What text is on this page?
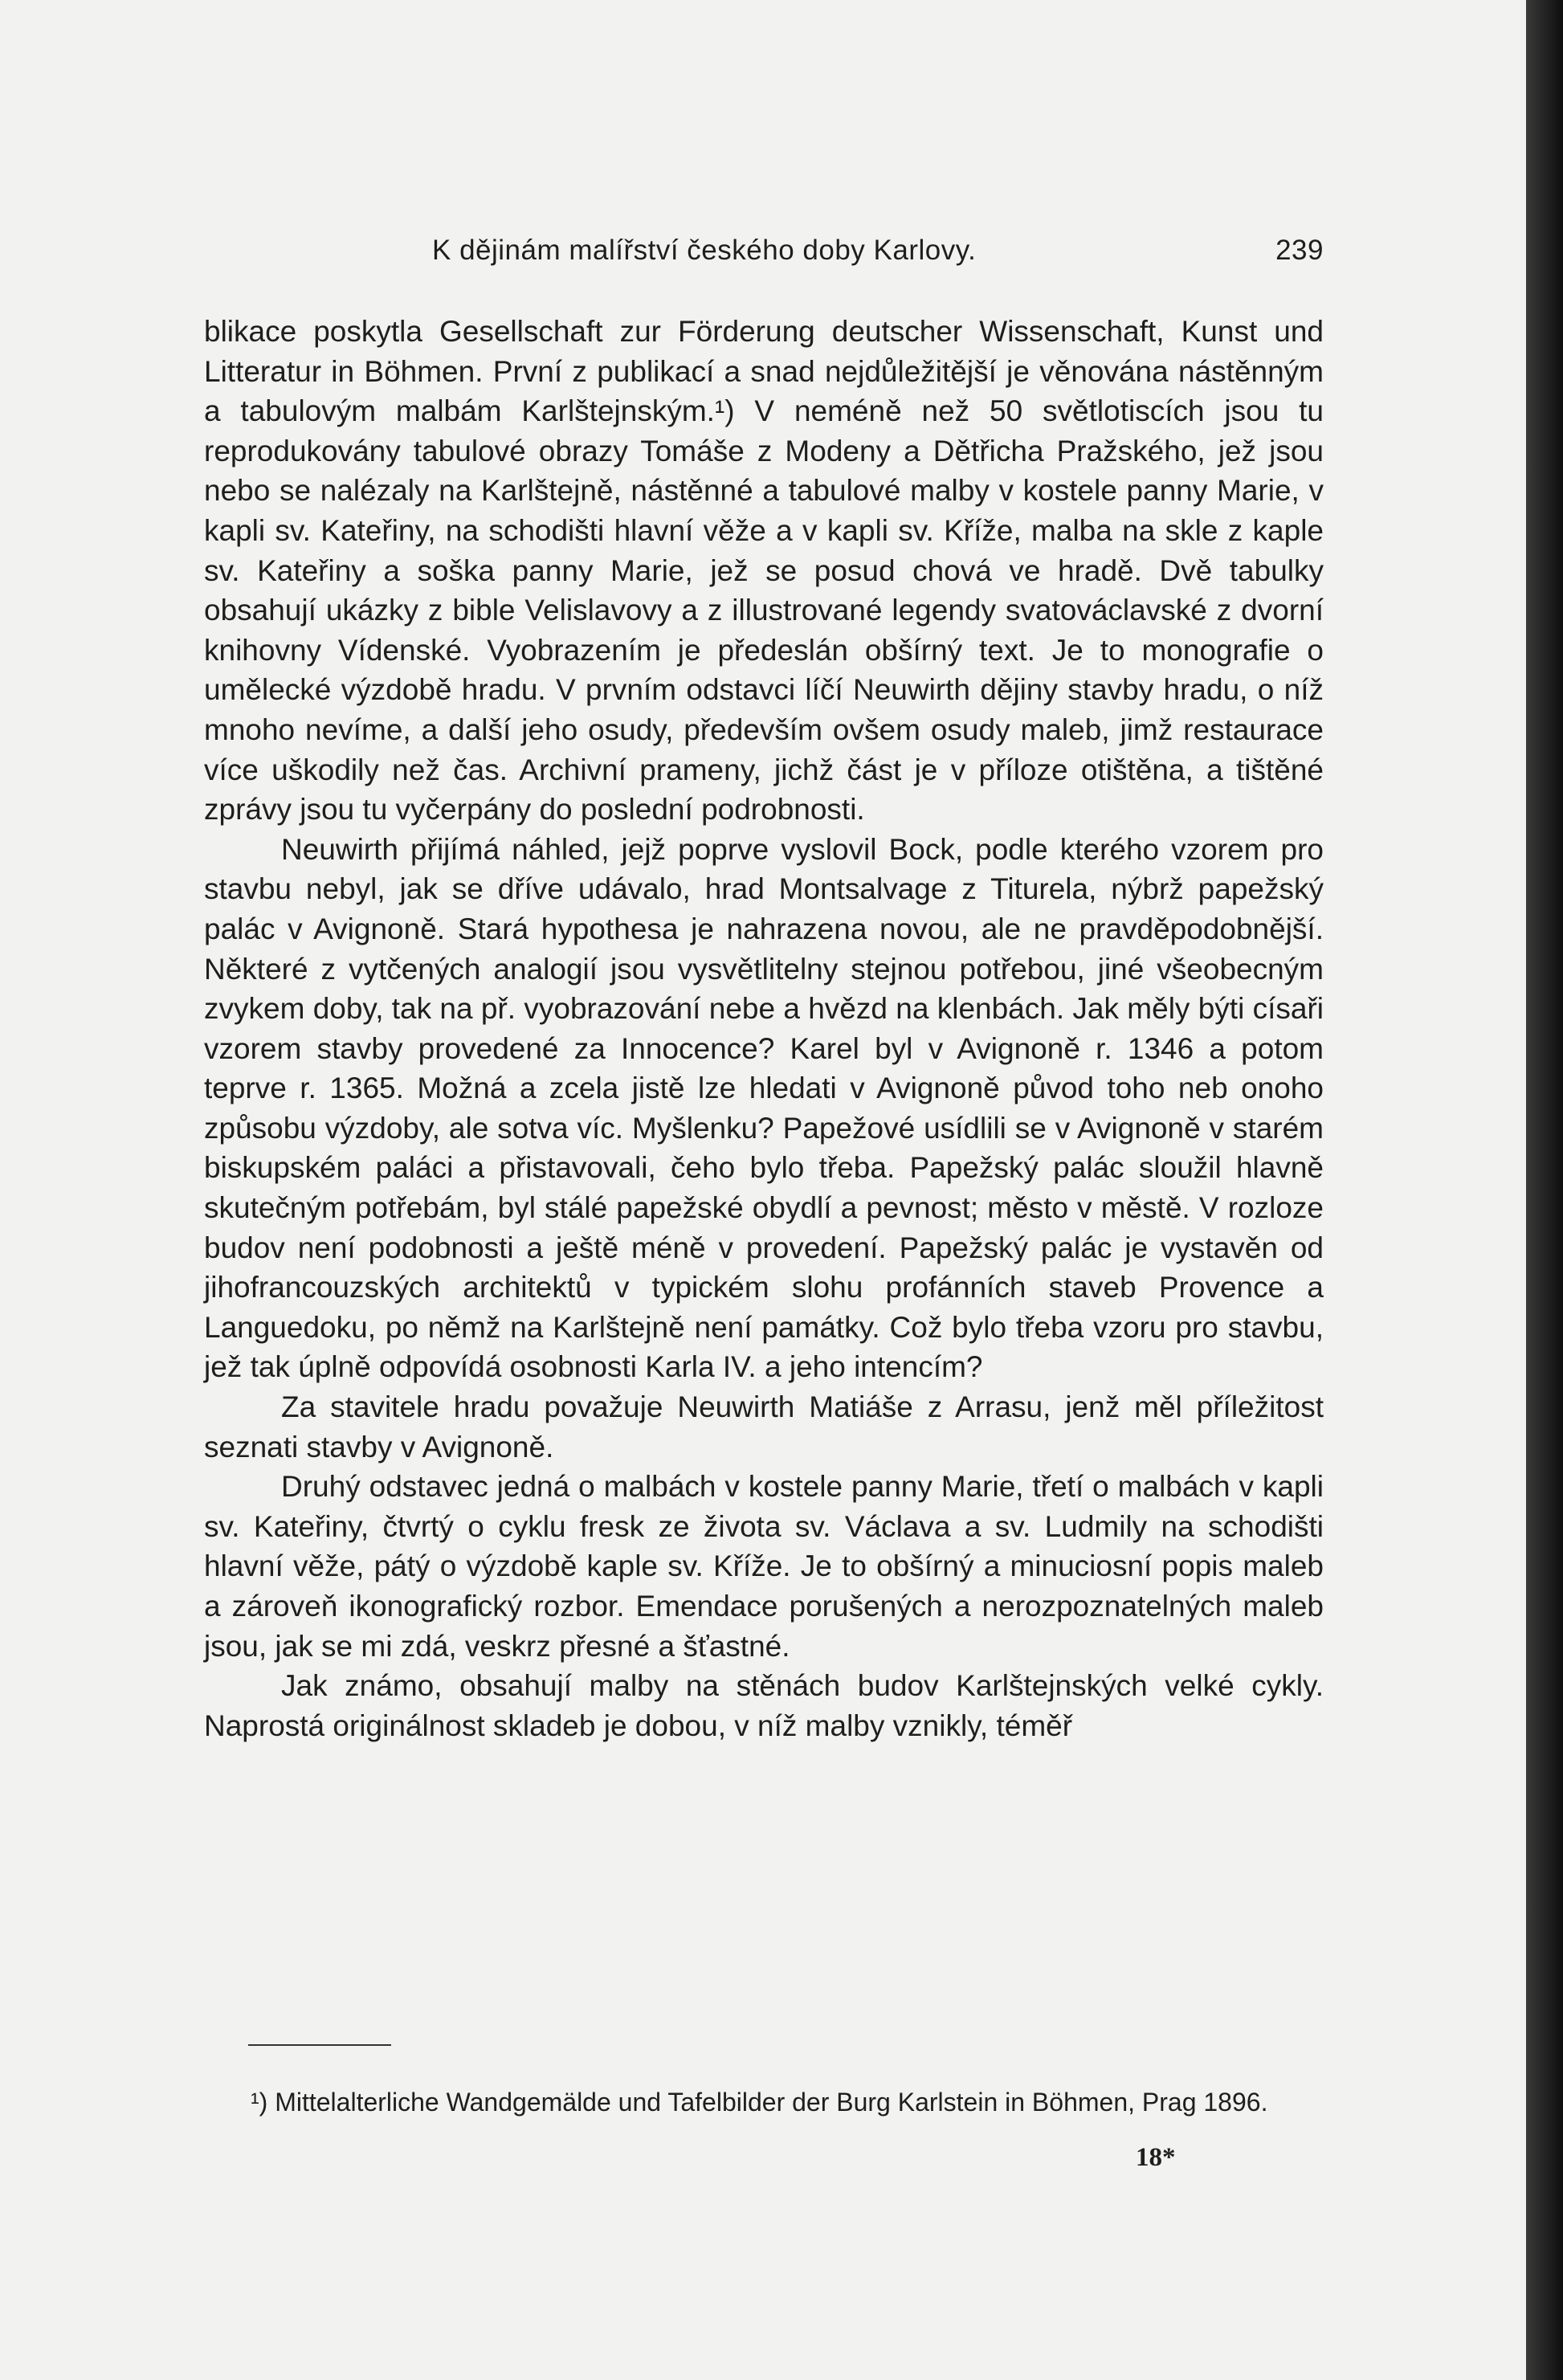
K dějinám malířství českého doby Karlovy.	239

blikace poskytla Gesellschaft zur Förderung deutscher Wissenschaft, Kunst und Litteratur in Böhmen. První z publikací a snad nejdůležitější je věnována nástěnným a tabulovým malbám Karlštejnským.¹) V neméně než 50 světlotiscích jsou tu reprodukovány tabulové obrazy Tomáše z Modeny a Dětřicha Pražského, jež jsou nebo se nalézaly na Karlštejně, nástěnné a tabulové malby v kostele panny Marie, v kapli sv. Kateřiny, na schodišti hlavní věže a v kapli sv. Kříže, malba na skle z kaple sv. Kateřiny a soška panny Marie, jež se posud chová ve hradě. Dvě tabulky obsahují ukázky z bible Velislavovy a z illustrované legendy svatováclavské z dvorní knihovny Vídenské. Vyobrazením je předeslán obšírný text. Je to monografie o umělecké výzdobě hradu. V prvním odstavci líčí Neuwirth dějiny stavby hradu, o níž mnoho nevíme, a další jeho osudy, především ovšem osudy maleb, jimž restaurace více uškodily než čas. Archivní prameny, jichž část je v příloze otištěna, a tištěné zprávy jsou tu vyčerpány do poslední podrobnosti.

Neuwirth přijímá náhled, jejž poprve vyslovil Bock, podle kterého vzorem pro stavbu nebyl, jak se dříve udávalo, hrad Montsalvage z Titurela, nýbrž papežský palác v Avignoně. Stará hypothesa je nahrazena novou, ale ne pravděpodobnější. Některé z vytčených analogií jsou vysvětlitelny stejnou potřebou, jiné všeobecným zvykem doby, tak na př. vyobrazování nebe a hvězd na klenbách. Jak měly býti císaři vzorem stavby provedené za Innocence? Karel byl v Avignoně r. 1346 a potom teprve r. 1365. Možná a zcela jistě lze hledati v Avignoně původ toho neb onoho způsobu výzdoby, ale sotva víc. Myšlenku? Papežové usídlili se v Avignoně v starém biskupském paláci a přistavovali, čeho bylo třeba. Papežský palác sloužil hlavně skutečným potřebám, byl stálé papežské obydlí a pevnost; město v městě. V rozloze budov není podobnosti a ještě méně v provedení. Papežský palác je vystavěn od jihofrancouzských architektů v typickém slohu profánních staveb Provence a Languedoku, po němž na Karlštejně není památky. Což bylo třeba vzoru pro stavbu, jež tak úplně odpovídá osobnosti Karla IV. a jeho intencím?

Za stavitele hradu považuje Neuwirth Matiáše z Arrasu, jenž měl příležitost seznati stavby v Avignoně.

Druhý odstavec jedná o malbách v kostele panny Marie, třetí o malbách v kapli sv. Kateřiny, čtvrtý o cyklu fresk ze života sv. Václava a sv. Ludmily na schodišti hlavní věže, pátý o výzdobě kaple sv. Kříže. Je to obšírný a minuciosní popis maleb a zároveň ikonografický rozbor. Emendace porušených a nerozpoznatelných maleb jsou, jak se mi zdá, veskrz přesné a šťastné.

Jak známo, obsahují malby na stěnách budov Karlštejnských velké cykly. Naprostá originálnost skladeb je dobou, v níž malby vznikly, téměř

¹) Mittelalterliche Wandgemälde und Tafelbilder der Burg Karlstein in Böhmen, Prag 1896.

18*
